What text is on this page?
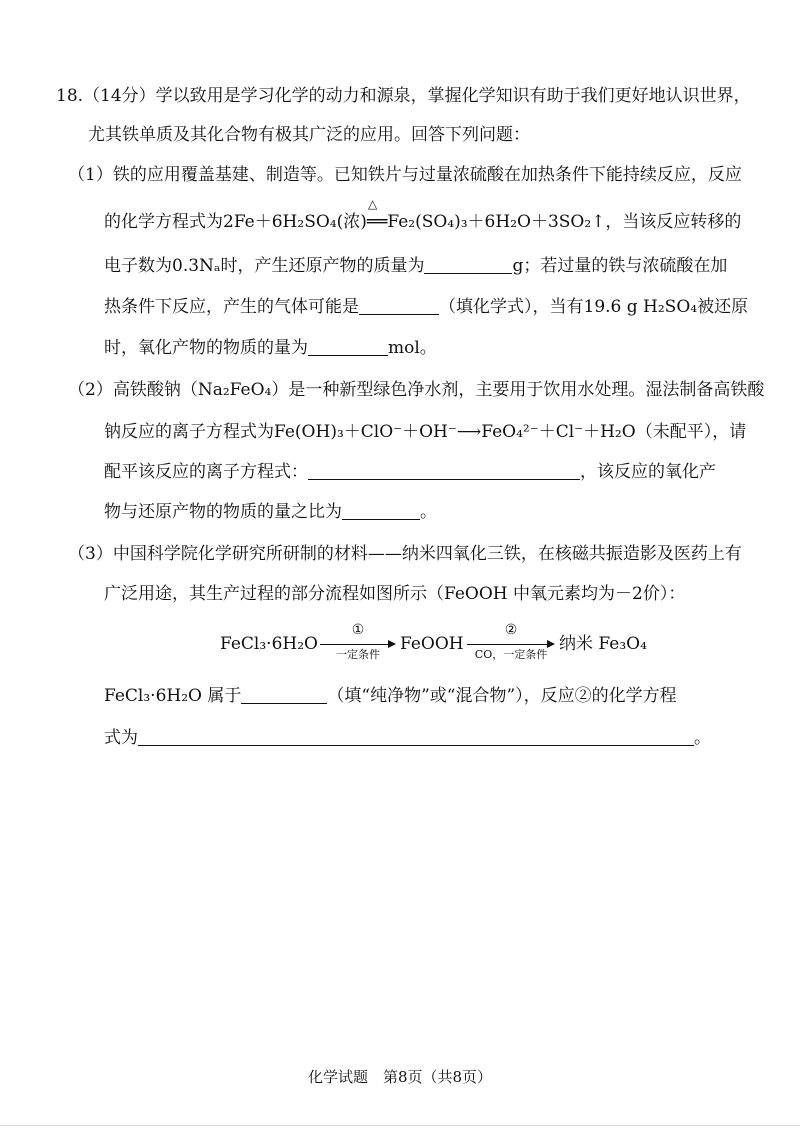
18.（14分）学以致用是学习化学的动力和源泉，掌握化学知识有助于我们更好地认识世界，
尤其铁单质及其化合物有极其广泛的应用。回答下列问题：
（1）铁的应用覆盖基建、制造等。已知铁片与过量浓硫酸在加热条件下能持续反应，反应
△
的化学方程式为2Fe＋6H₂SO₄(浓)══Fe₂(SO₄)₃＋6H₂O＋3SO₂↑，当该反应转移的
电子数为0.3Nₐ时，产生还原产物的质量为	g；若过量的铁与浓硫酸在加
热条件下反应，产生的气体可能是	（填化学式），当有19.6 g H₂SO₄被还原
时，氧化产物的物质的量为	mol。
（2）高铁酸钠（Na₂FeO₄）是一种新型绿色净水剂，主要用于饮用水处理。湿法制备高铁酸
钠反应的离子方程式为Fe(OH)₃＋ClO⁻＋OH⁻⟶FeO₄²⁻＋Cl⁻＋H₂O（未配平），请
配平该反应的离子方程式：	，该反应的氧化产
物与还原产物的物质的量之比为	。
（3）中国科学院化学研究所研制的材料——纳米四氧化三铁，在核磁共振造影及医药上有
广泛用途，其生产过程的部分流程如图所示（FeOOH 中氧元素均为－2价）：
FeCl₃·6H₂O
①
一定条件
FeOOH
②
CO，一定条件
纳米 Fe₃O₄
FeCl₃·6H₂O 属于	（填“纯净物”或“混合物”），反应②的化学方程
式为	。
化学试题　第8页（共8页）
